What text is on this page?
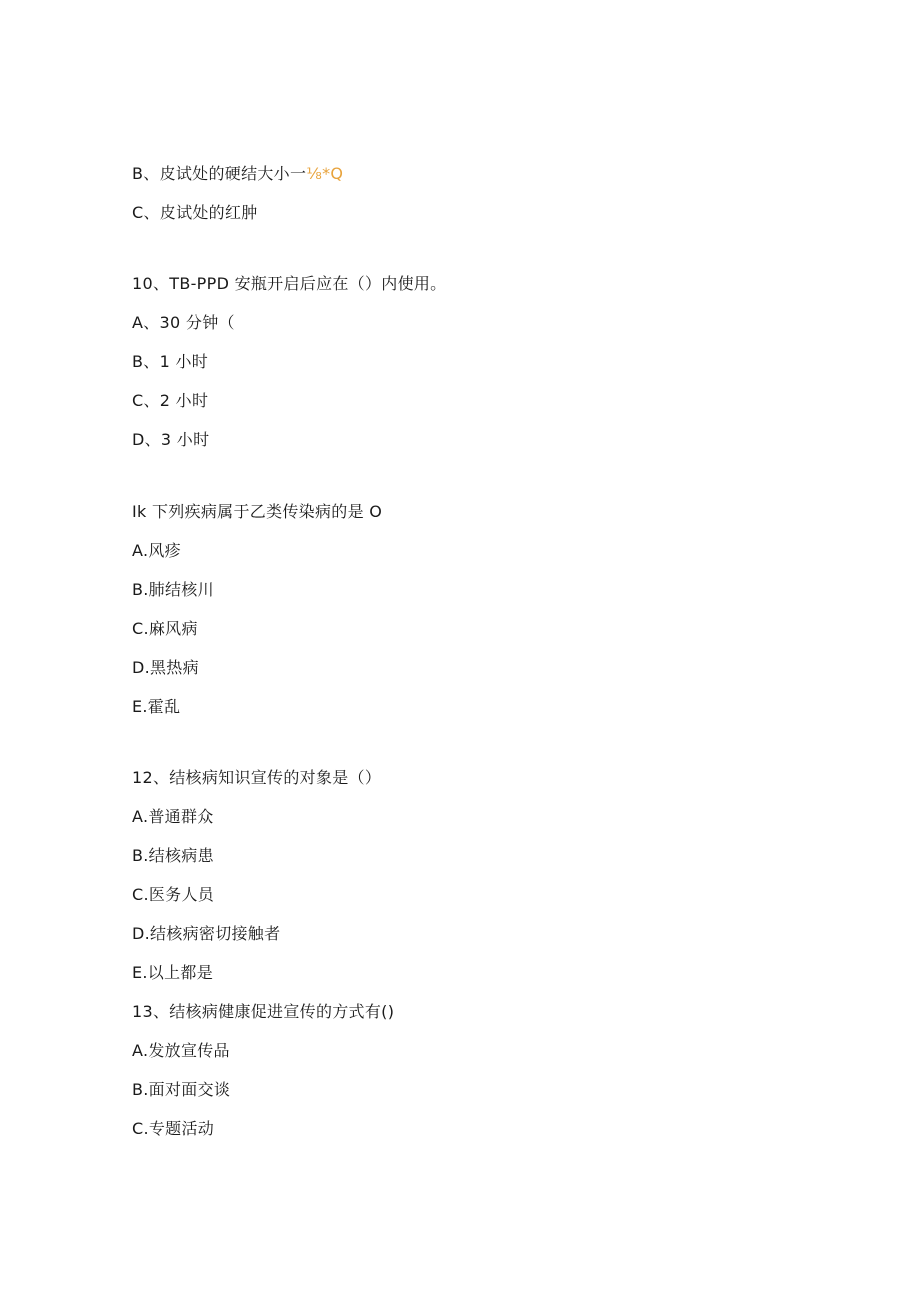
B、皮试处的硬结大小一⅛*Q
C、皮试处的红肿
10、TB-PPD 安瓶开启后应在（）内使用。
A、30 分钟（
B、1 小时
C、2 小时
D、3 小时
Ik 下列疾病属于乙类传染病的是 O
A.风疹
B.肺结核川
C.麻风病
D.黑热病
E.霍乱
12、结核病知识宣传的对象是（）
A.普通群众
B.结核病患
C.医务人员
D.结核病密切接触者
E.以上都是
13、结核病健康促进宣传的方式有()
A.发放宣传品
B.面对面交谈
C.专题活动
